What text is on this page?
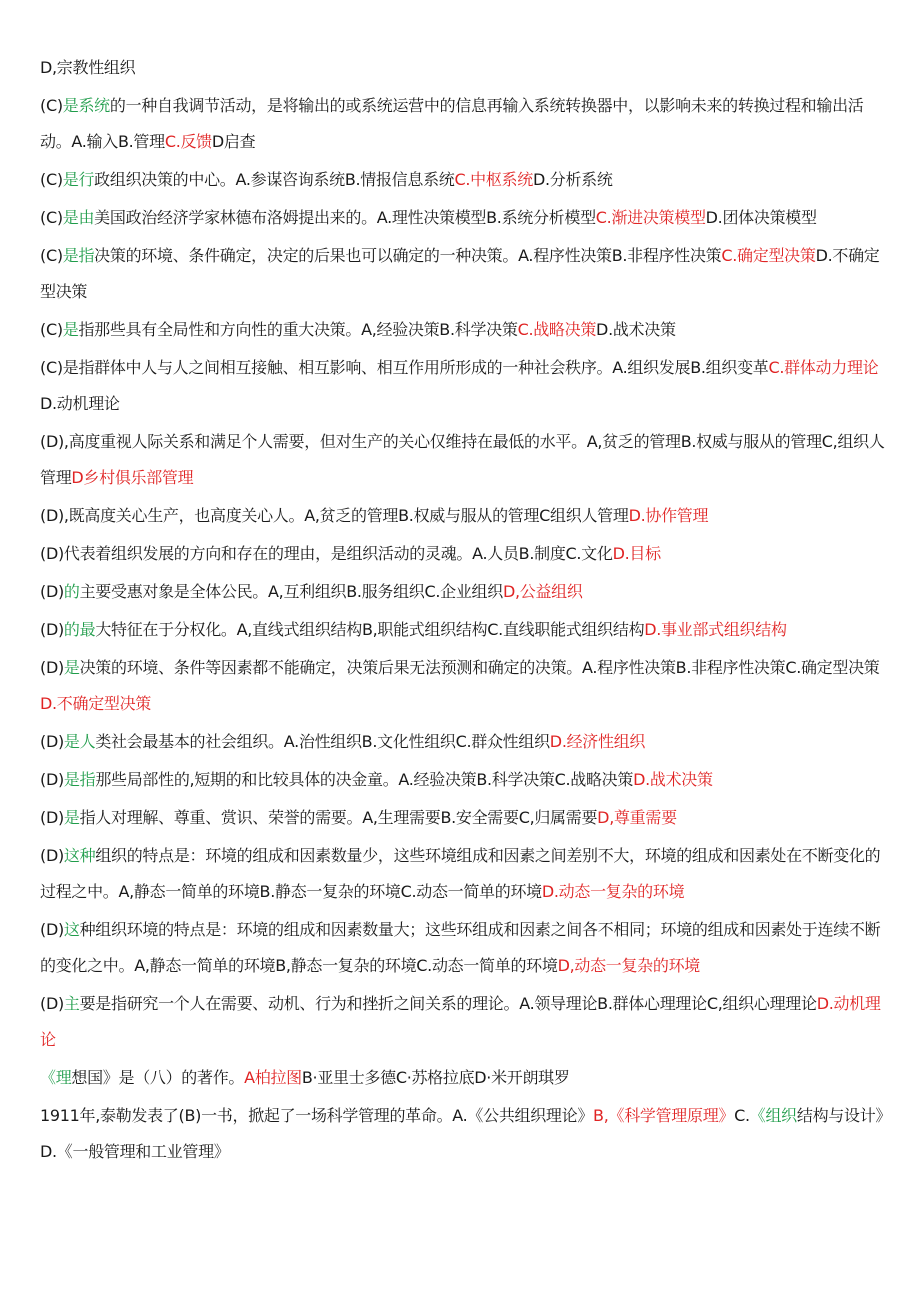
D,宗教性组织

(C)是系统的一种自我调节活动，是将输出的或系统运营中的信息再输入系统转换器中，以影响未来的转换过程和输出活动。A.输入B.管理C.反馈D启查

(C)是行政组织决策的中心。A.参谋咨询系统B.情报信息系统C.中枢系统D.分析系统

(C)是由美国政治经济学家林德布洛姆提出来的。A.理性决策模型B.系统分析模型C.渐进决策模型D.团体决策模型

(C)是指决策的环境、条件确定，决定的后果也可以确定的一种决策。A.程序性决策B.非程序性决策C.确定型决策D.不确定型决策

(C)是指那些具有全局性和方向性的重大决策。A,经验决策B.科学决策C.战略决策D.战术决策

(C)是指群体中人与人之间相互接触、相互影响、相互作用所形成的一种社会秩序。A.组织发展B.组织变革C.群体动力理论D.动机理论

(D),高度重视人际关系和满足个人需要，但对生产的关心仅维持在最低的水平。A,贫乏的管理B.权威与服从的管理C,组织人管理D乡村俱乐部管理

(D),既高度关心生产，也高度关心人。A,贫乏的管理B.权威与服从的管理C组织人管理D.协作管理

(D)代表着组织发展的方向和存在的理由，是组织活动的灵魂。A.人员B.制度C.文化D.目标

(D)的主要受惠对象是全体公民。A,互利组织B.服务组织C.企业组织D,公益组织

(D)的最大特征在于分权化。A,直线式组织结构B,职能式组织结构C.直线职能式组织结构D.事业部式组织结构

(D)是决策的环境、条件等因素都不能确定，决策后果无法预测和确定的决策。A.程序性决策B.非程序性决策C.确定型决策D.不确定型决策

(D)是人类社会最基本的社会组织。A.治性组织B.文化性组织C.群众性组织D.经济性组织

(D)是指那些局部性的,短期的和比较具体的决金童。A.经验决策B.科学决策C.战略决策D.战术决策

(D)是指人对理解、尊重、赏识、荣誉的需要。A,生理需要B.安全需要C,归属需要D,尊重需要

(D)这种组织的特点是：环境的组成和因素数量少，这些环境组成和因素之间差别不大，环境的组成和因素处在不断变化的过程之中。A,静态一简单的环境B.静态一复杂的环境C.动态一简单的环境D.动态一复杂的环境

(D)这种组织环境的特点是：环境的组成和因素数量大；这些环组成和因素之间各不相同；环境的组成和因素处于连续不断的变化之中。A,静态一简单的环境B,静态一复杂的环境C.动态一简单的环境D,动态一复杂的环境

(D)主要是指研究一个人在需要、动机、行为和挫折之间关系的理论。A.领导理论B.群体心理理论C,组织心理理论D.动机理论

《理想国》是（八）的著作。A柏拉图B·亚里士多德C·苏格拉底D·米开朗琪罗

1911年,泰勒发表了(B)一书，掀起了一场科学管理的革命。A.《公共组织理论》B,《科学管理原理》C.《组织结构与设计》D.《一般管理和工业管理》
